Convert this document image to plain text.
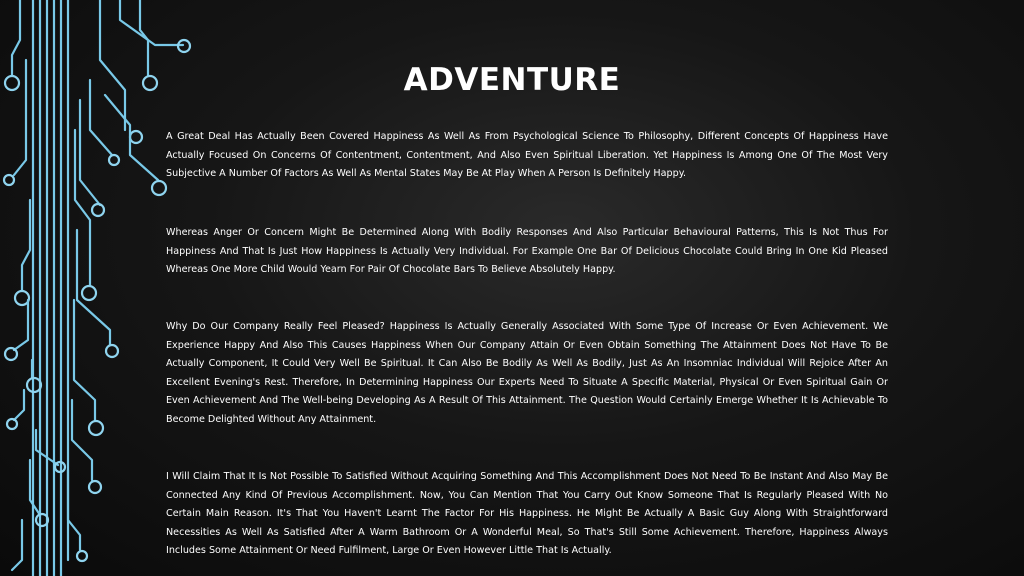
ADVENTURE

A Great Deal Has Actually Been Covered Happiness As Well As From Psychological Science To Philosophy, Different Concepts Of Happiness Have Actually Focused On Concerns Of Contentment, Contentment, And Also Even Spiritual Liberation. Yet Happiness Is Among One Of The Most Very Subjective A Number Of Factors As Well As Mental States May Be At Play When A Person Is Definitely Happy.

Whereas Anger Or Concern Might Be Determined Along With Bodily Responses And Also Particular Behavioural Patterns, This Is Not Thus For Happiness And That Is Just How Happiness Is Actually Very Individual. For Example One Bar Of Delicious Chocolate Could Bring In One Kid Pleased Whereas One More Child Would Yearn For Pair Of Chocolate Bars To Believe Absolutely Happy.

Why Do Our Company Really Feel Pleased? Happiness Is Actually Generally Associated With Some Type Of Increase Or Even Achievement. We Experience Happy And Also This Causes Happiness When Our Company Attain Or Even Obtain Something The Attainment Does Not Have To Be Actually Component, It Could Very Well Be Spiritual. It Can Also Be Bodily As Well As Bodily, Just As An Insomniac Individual Will Rejoice After An Excellent Evening's Rest. Therefore, In Determining Happiness Our Experts Need To Situate A Specific Material, Physical Or Even Spiritual Gain Or Even Achievement And The Well-being Developing As A Result Of This Attainment. The Question Would Certainly Emerge Whether It Is Achievable To Become Delighted Without Any Attainment.

I Will Claim That It Is Not Possible To Satisfied Without Acquiring Something And This Accomplishment Does Not Need To Be Instant And Also May Be Connected Any Kind Of Previous Accomplishment. Now, You Can Mention That You Carry Out Know Someone That Is Regularly Pleased With No Certain Main Reason. It's That You Haven't Learnt The Factor For His Happiness. He Might Be Actually A Basic Guy Along With Straightforward Necessities As Well As Satisfied After A Warm Bathroom Or A Wonderful Meal, So That's Still Some Achievement. Therefore, Happiness Always Includes Some Attainment Or Need Fulfilment, Large Or Even However Little That Is Actually.
